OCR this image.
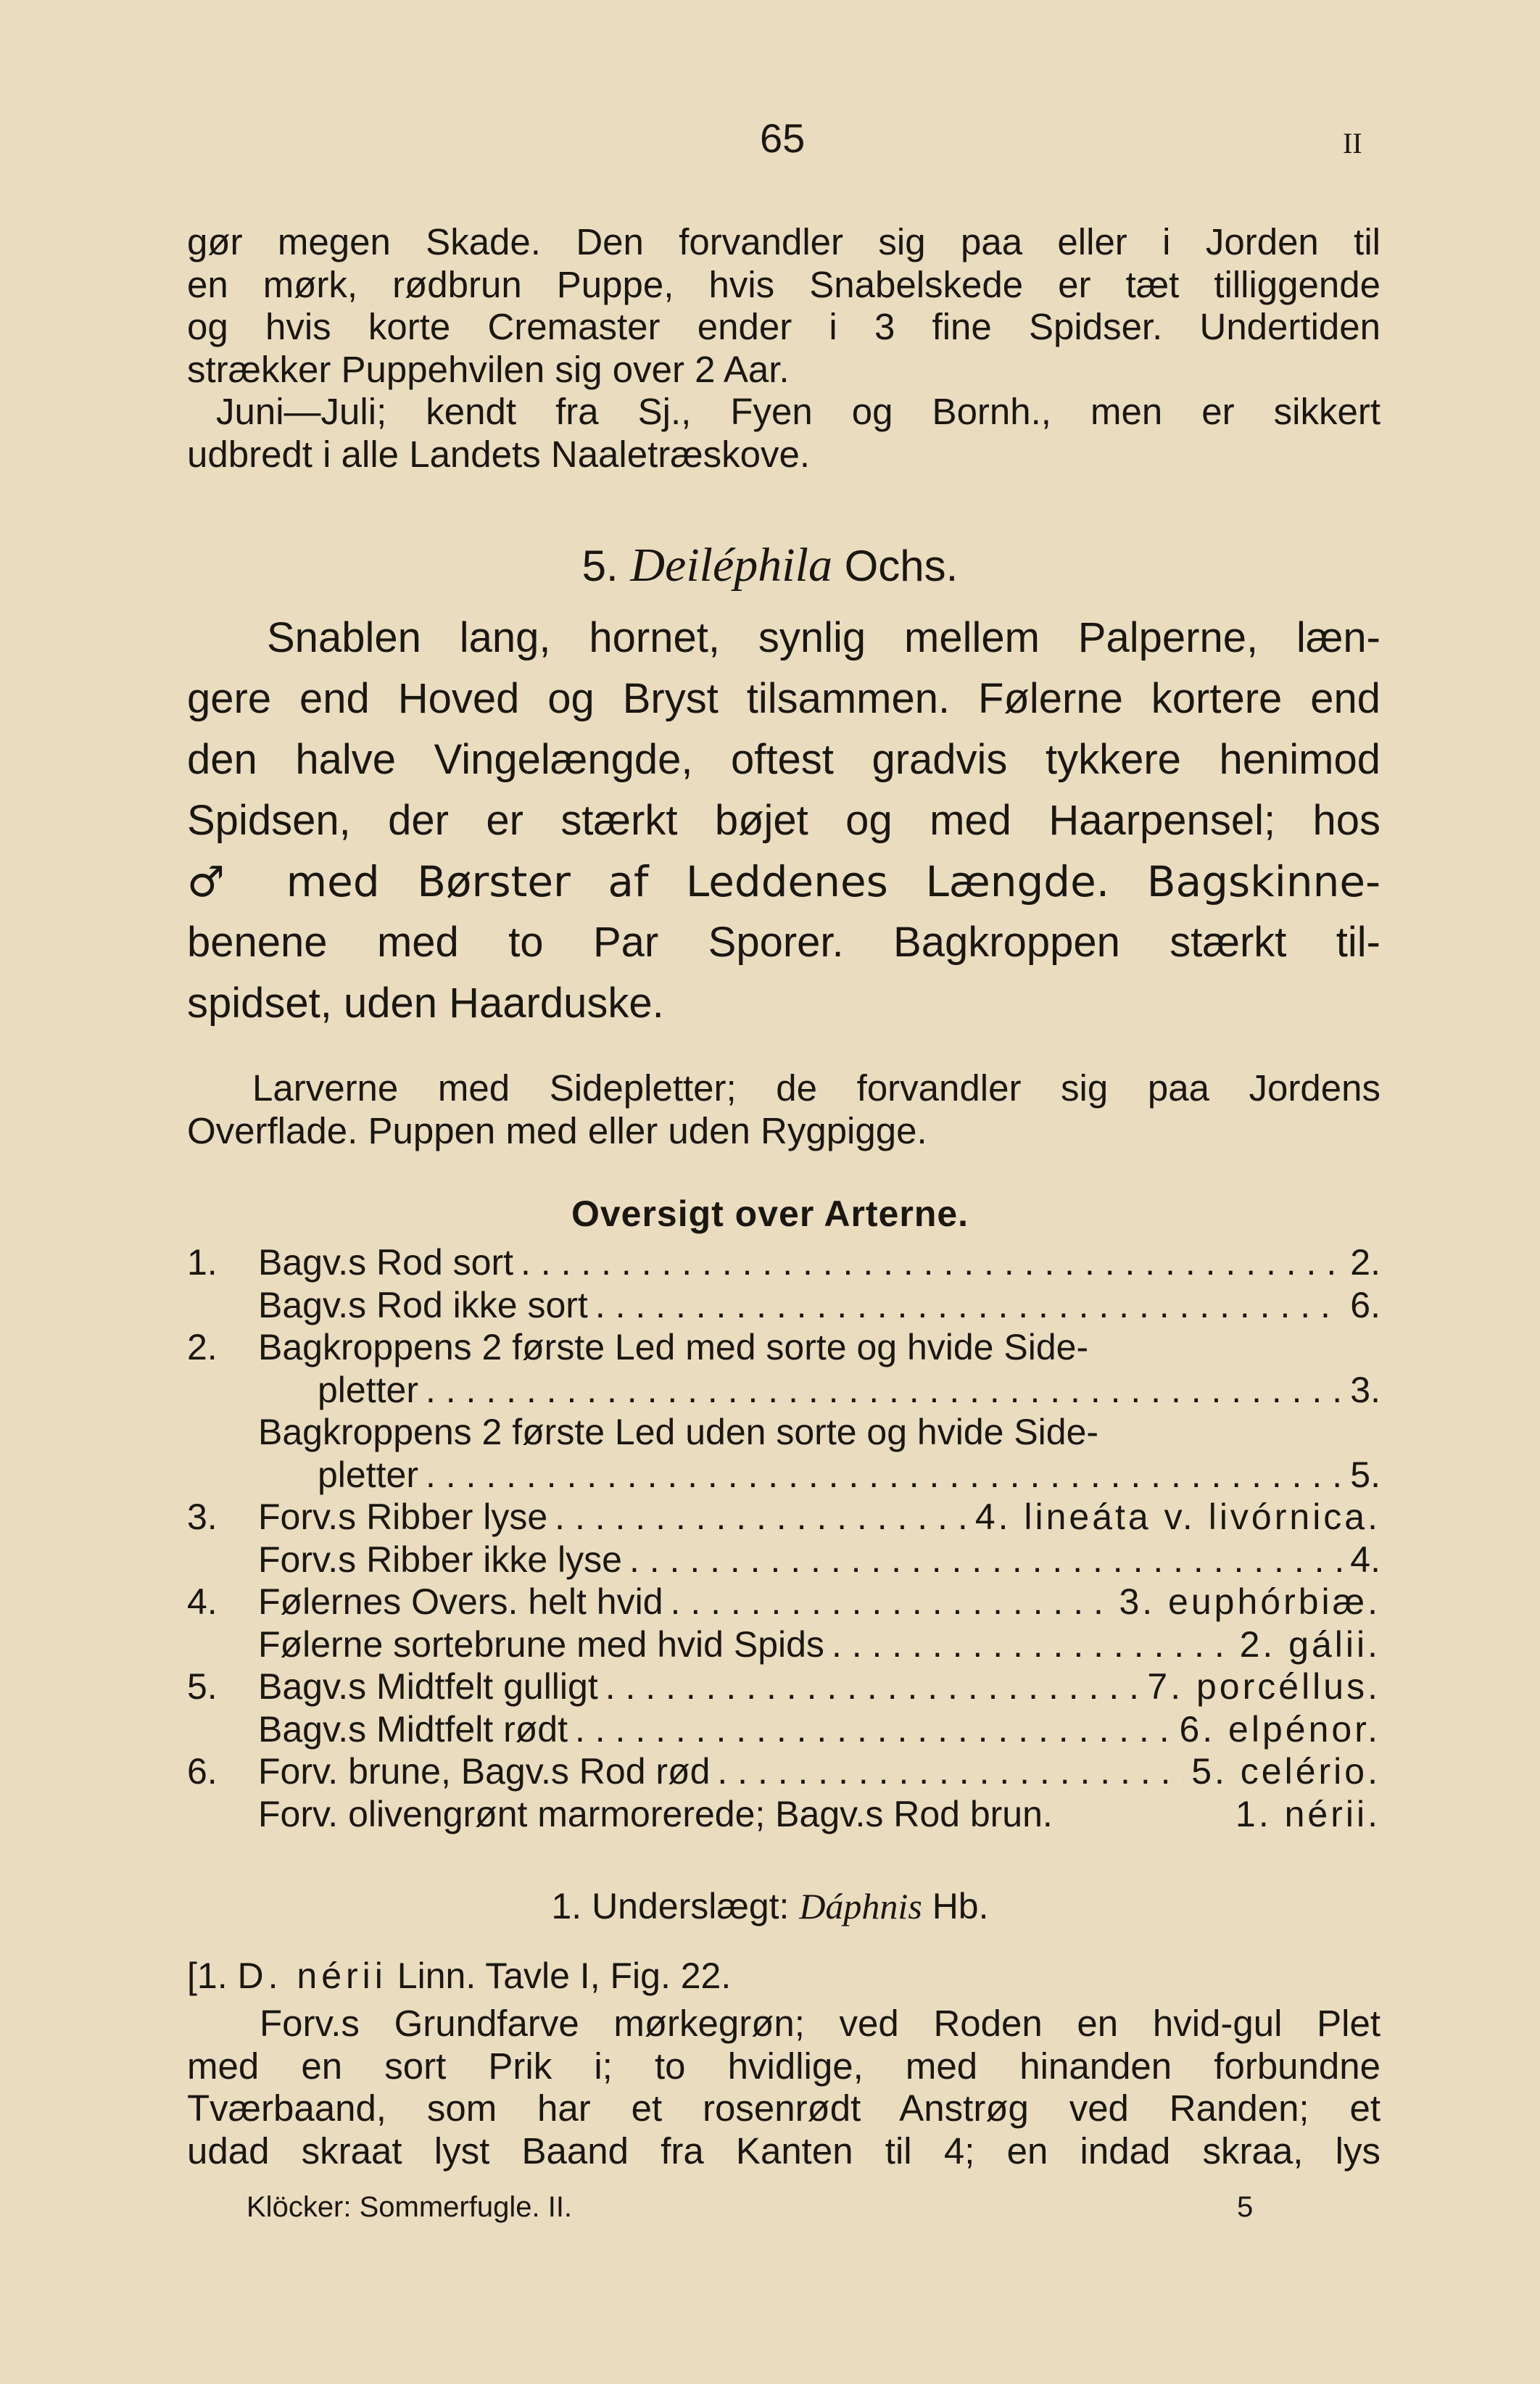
65	II
gør megen Skade. Den forvandler sig paa eller i Jorden til
en mørk, rødbrun Puppe, hvis Snabelskede er tæt tilliggende
og hvis korte Cremaster ender i 3 fine Spidser. Undertiden
strækker Puppehvilen sig over 2 Aar.
Juni—Juli; kendt fra Sj., Fyen og Bornh., men er sikkert
udbredt i alle Landets Naaletræskove.
5. Deiléphila Ochs.
Snablen lang, hornet, synlig mellem Palperne, læn-
gere end Hoved og Bryst tilsammen. Følerne kortere end
den halve Vingelængde, oftest gradvis tykkere henimod
Spidsen, der er stærkt bøjet og med Haarpensel; hos
♂ med Børster af Leddenes Længde. Bagskinne-
benene med to Par Sporer. Bagkroppen stærkt til-
spidset, uden Haarduske.
Larverne med Sidepletter; de forvandler sig paa Jordens
Overflade. Puppen med eller uden Rygpigge.
Oversigt over Arterne.
1.	Bagv.s Rod sort . . .	2.
Bagv.s Rod ikke sort . . .	6.
2.	Bagkroppens 2 første Led med sorte og hvide Side-
pletter . . .	3.
Bagkroppens 2 første Led uden sorte og hvide Side-
pletter . . .	5.
3.	Forv.s Ribber lyse . . .	4. lineáta v. livórnica.
Forv.s Ribber ikke lyse . . .	4.
4.	Følernes Overs. helt hvid . . .	3. euphórbiæ.
Følerne sortebrune med hvid Spids . . .	2. gálii.
5.	Bagv.s Midtfelt gulligt . . .	7. porcéllus.
Bagv.s Midtfelt rødt . . .	6. elpénor.
6.	Forv. brune, Bagv.s Rod rød . . .	5. celério.
Forv. olivengrønt marmorerede; Bagv.s Rod brun.	1. nérii.
1. Underslægt: Dáphnis Hb.
[1. D. nérii Linn. Tavle I, Fig. 22.
Forv.s Grundfarve mørkegrøn; ved Roden en hvid-gul Plet
med en sort Prik i; to hvidlige, med hinanden forbundne
Tværbaand, som har et rosenrødt Anstrøg ved Randen; et
udad skraat lyst Baand fra Kanten til 4; en indad skraa, lys
Klöcker: Sommerfugle. II.	5
